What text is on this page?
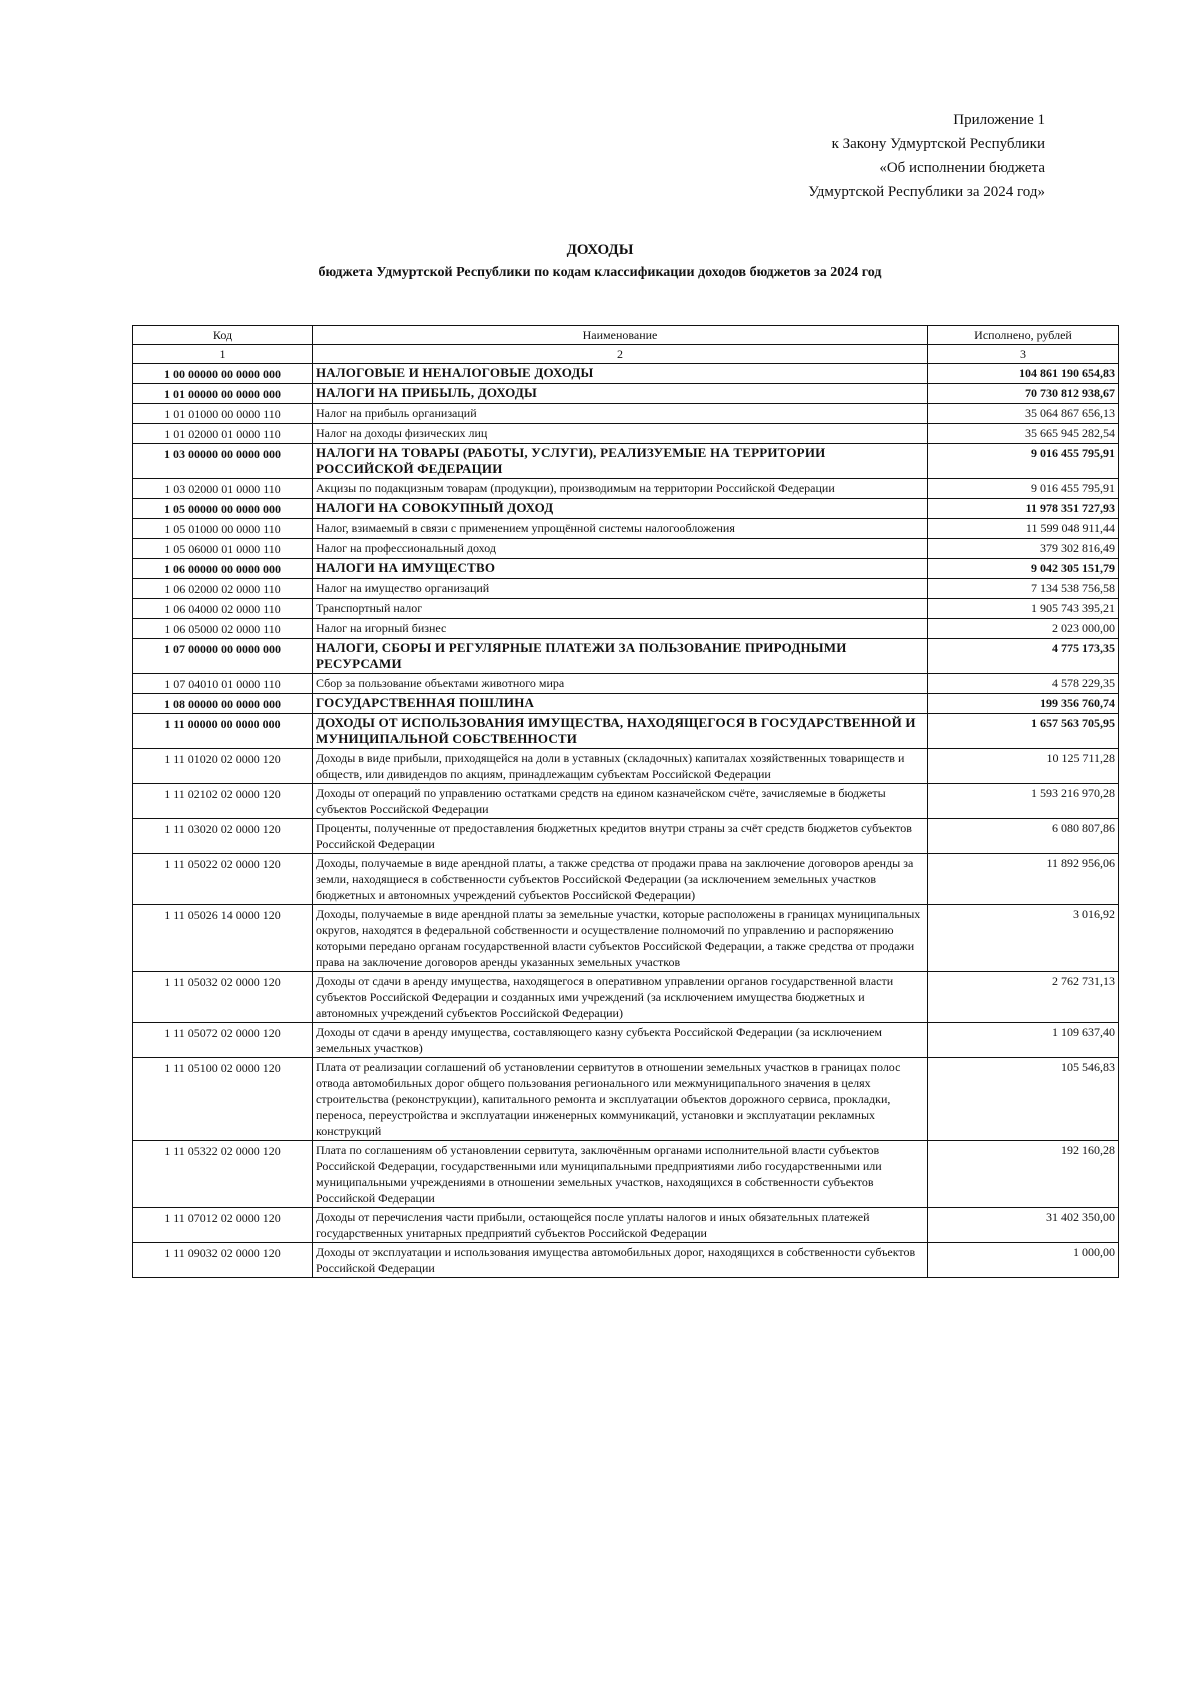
Приложение 1
к Закону Удмуртской Республики
«Об исполнении бюджета
Удмуртской Республики за 2024 год»
ДОХОДЫ
бюджета Удмуртской Республики по кодам классификации доходов бюджетов за 2024 год
Код	Наименование	Исполнено, рублей
1	2	3
1 00 00000 00 0000 000	НАЛОГОВЫЕ И НЕНАЛОГОВЫЕ ДОХОДЫ	104 861 190 654,83
1 01 00000 00 0000 000	НАЛОГИ НА ПРИБЫЛЬ, ДОХОДЫ	70 730 812 938,67
1 01 01000 00 0000 110	Налог на прибыль организаций	35 064 867 656,13
1 01 02000 01 0000 110	Налог на доходы физических лиц	35 665 945 282,54
1 03 00000 00 0000 000	НАЛОГИ НА ТОВАРЫ (РАБОТЫ, УСЛУГИ), РЕАЛИЗУЕМЫЕ НА ТЕРРИТОРИИ РОССИЙСКОЙ ФЕДЕРАЦИИ	9 016 455 795,91
1 03 02000 01 0000 110	Акцизы по подакцизным товарам (продукции), производимым на территории Российской Федерации	9 016 455 795,91
1 05 00000 00 0000 000	НАЛОГИ НА СОВОКУПНЫЙ ДОХОД	11 978 351 727,93
1 05 01000 00 0000 110	Налог, взимаемый в связи с применением упрощённой системы налогообложения	11 599 048 911,44
1 05 06000 01 0000 110	Налог на профессиональный доход	379 302 816,49
1 06 00000 00 0000 000	НАЛОГИ НА ИМУЩЕСТВО	9 042 305 151,79
1 06 02000 02 0000 110	Налог на имущество организаций	7 134 538 756,58
1 06 04000 02 0000 110	Транспортный налог	1 905 743 395,21
1 06 05000 02 0000 110	Налог на игорный бизнес	2 023 000,00
1 07 00000 00 0000 000	НАЛОГИ, СБОРЫ И РЕГУЛЯРНЫЕ ПЛАТЕЖИ ЗА ПОЛЬЗОВАНИЕ ПРИРОДНЫМИ РЕСУРСАМИ	4 775 173,35
1 07 04010 01 0000 110	Сбор за пользование объектами животного мира	4 578 229,35
1 08 00000 00 0000 000	ГОСУДАРСТВЕННАЯ ПОШЛИНА	199 356 760,74
1 11 00000 00 0000 000	ДОХОДЫ ОТ ИСПОЛЬЗОВАНИЯ ИМУЩЕСТВА, НАХОДЯЩЕГОСЯ В ГОСУДАРСТВЕННОЙ И МУНИЦИПАЛЬНОЙ СОБСТВЕННОСТИ	1 657 563 705,95
1 11 01020 02 0000 120	Доходы в виде прибыли, приходящейся на доли в уставных (складочных) капиталах хозяйственных товариществ и обществ, или дивидендов по акциям, принадлежащим субъектам Российской Федерации	10 125 711,28
1 11 02102 02 0000 120	Доходы от операций по управлению остатками средств на едином казначейском счёте, зачисляемые в бюджеты субъектов Российской Федерации	1 593 216 970,28
1 11 03020 02 0000 120	Проценты, полученные от предоставления бюджетных кредитов внутри страны за счёт средств бюджетов субъектов Российской Федерации	6 080 807,86
1 11 05022 02 0000 120	Доходы, получаемые в виде арендной платы, а также средства от продажи права на заключение договоров аренды за земли, находящиеся в собственности субъектов Российской Федерации (за исключением земельных участков бюджетных и автономных учреждений субъектов Российской Федерации)	11 892 956,06
1 11 05026 14 0000 120	Доходы, получаемые в виде арендной платы за земельные участки, которые расположены в границах муниципальных округов, находятся в федеральной собственности и осуществление полномочий по управлению и распоряжению которыми передано органам государственной власти субъектов Российской Федерации, а также средства от продажи права на заключение договоров аренды указанных земельных участков	3 016,92
1 11 05032 02 0000 120	Доходы от сдачи в аренду имущества, находящегося в оперативном управлении органов государственной власти субъектов Российской Федерации и созданных ими учреждений (за исключением имущества бюджетных и автономных учреждений субъектов Российской Федерации)	2 762 731,13
1 11 05072 02 0000 120	Доходы от сдачи в аренду имущества, составляющего казну субъекта Российской Федерации (за исключением земельных участков)	1 109 637,40
1 11 05100 02 0000 120	Плата от реализации соглашений об установлении сервитутов в отношении земельных участков в границах полос отвода автомобильных дорог общего пользования регионального или межмуниципального значения в целях строительства (реконструкции), капитального ремонта и эксплуатации объектов дорожного сервиса, прокладки, переноса, переустройства и эксплуатации инженерных коммуникаций, установки и эксплуатации рекламных конструкций	105 546,83
1 11 05322 02 0000 120	Плата по соглашениям об установлении сервитута, заключённым органами исполнительной власти субъектов Российской Федерации, государственными или муниципальными предприятиями либо государственными или муниципальными учреждениями в отношении земельных участков, находящихся в собственности субъектов Российской Федерации	192 160,28
1 11 07012 02 0000 120	Доходы от перечисления части прибыли, остающейся после уплаты налогов и иных обязательных платежей государственных унитарных предприятий субъектов Российской Федерации	31 402 350,00
1 11 09032 02 0000 120	Доходы от эксплуатации и использования имущества автомобильных дорог, находящихся в собственности субъектов Российской Федерации	1 000,00
